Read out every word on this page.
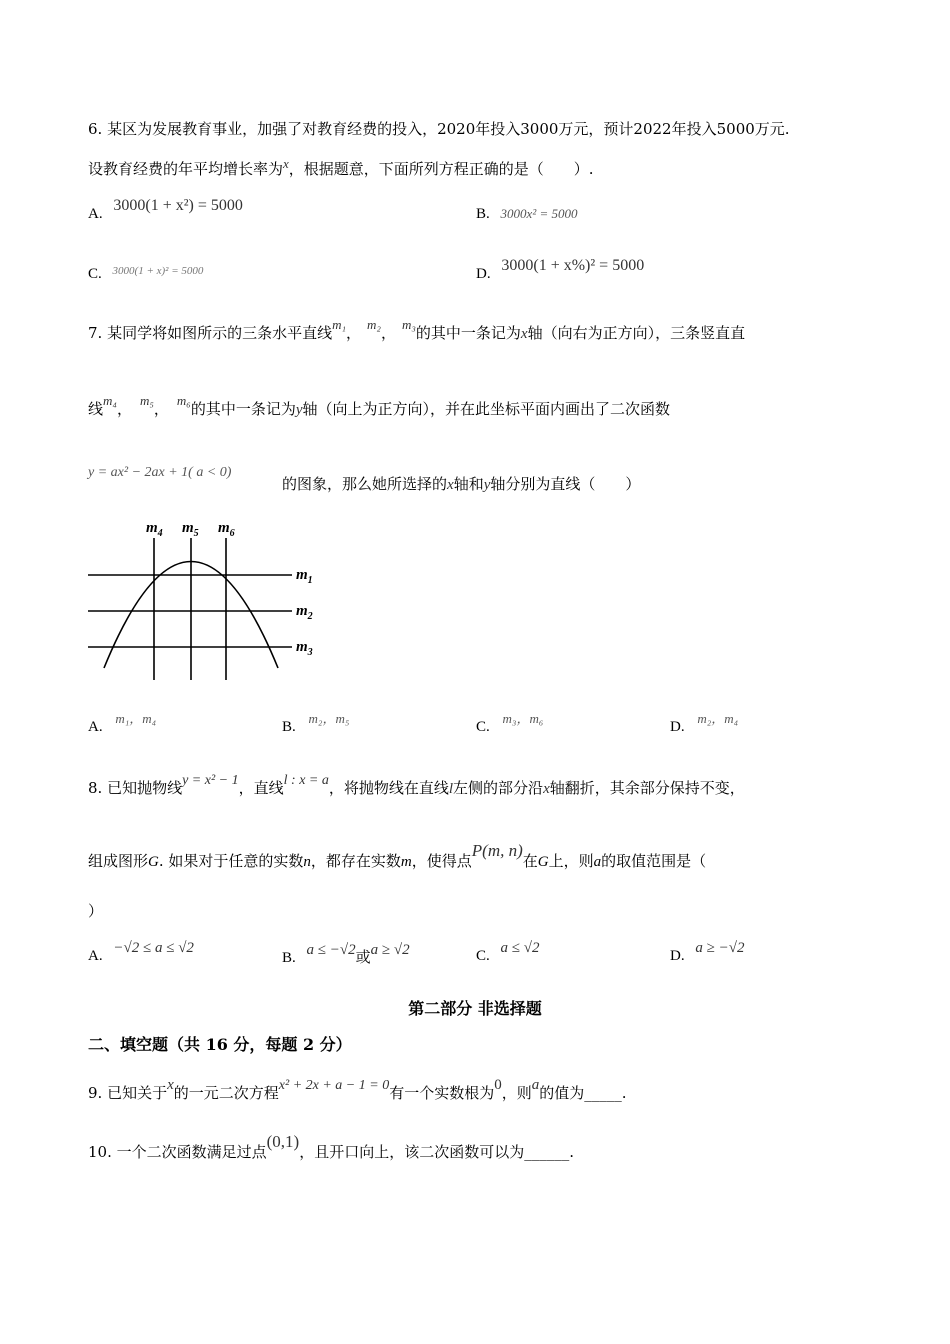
6. 某区为发展教育事业，加强了对教育经费的投入，2020年投入3000万元，预计2022年投入5000万元.
设教育经费的年平均增长率为x，根据题意，下面所列方程正确的是（　　）.
A. 3000(1 + x²) = 5000	B. 3000x² = 5000
C. $^{3000(1 + x)^2 = 5000}$	D. 3000(1 + x%)² = 5000
7. 某同学将如图所示的三条水平直线m₁， m₂， m₃的其中一条记为x轴（向右为正方向），三条竖直直
线m₄， m₅， m₆的其中一条记为y轴（向上为正方向），并在此坐标平面内画出了二次函数
y = ax² − 2ax + 1( a < 0)
的图象，那么她所选择的x轴和y轴分别为直线（　　）
$m_4$ $m_5$ $m_6$
$m_1$
$m_2$
$m_3$
A. m₁，m₄
B. m₂，m₅
C. m₃，m₆
D. m₂，m₄
8. 已知抛物线y = x² − 1，直线l : x = a，将抛物线在直线l左侧的部分沿x轴翻折，其余部分保持不变，
组成图形G. 如果对于任意的实数n，都存在实数m，使得点P(m, n)在G上，则a的取值范围是（
）
A. −√2 ≤ a ≤ √2
B. a ≤ −√2或a ≥ √2	C. a ≤ √2	D. a ≥ −√2
第二部分 非选择题
二、填空题（共 16 分，每题 2 分）
9. 已知关于x的一元二次方程x² + 2x + a − 1 = 0有一个实数根为0，则a的值为_____.
10. 一个二次函数满足过点(0,1)，且开口向上，该二次函数可以为______.
